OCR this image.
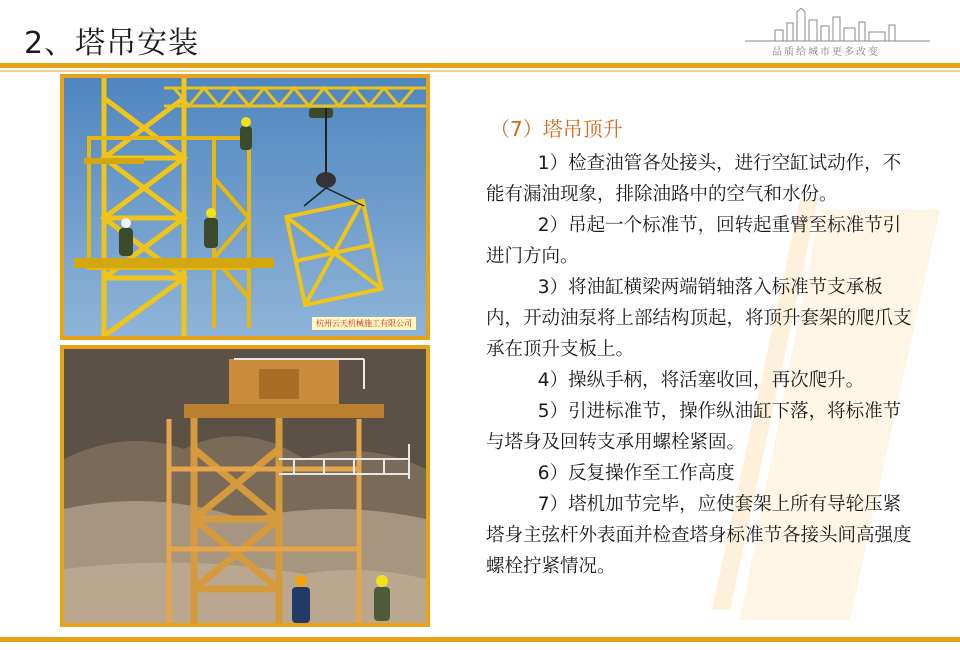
2、塔吊安装	品质给城市更多改变
杭州云天机械施工有限公司
（7）塔吊顶升

1）检查油管各处接头，进行空缸试动作，不能有漏油现象，排除油路中的空气和水份。

2）吊起一个标准节，回转起重臂至标准节引进门方向。

3）将油缸横梁两端销轴落入标准节支承板内，开动油泵将上部结构顶起，将顶升套架的爬爪支承在顶升支板上。

4）操纵手柄，将活塞收回，再次爬升。

5）引进标准节，操作纵油缸下落，将标准节与塔身及回转支承用螺栓紧固。

6）反复操作至工作高度

7）塔机加节完毕，应使套架上所有导轮压紧塔身主弦杆外表面并检查塔身标准节各接头间高强度螺栓拧紧情况。
